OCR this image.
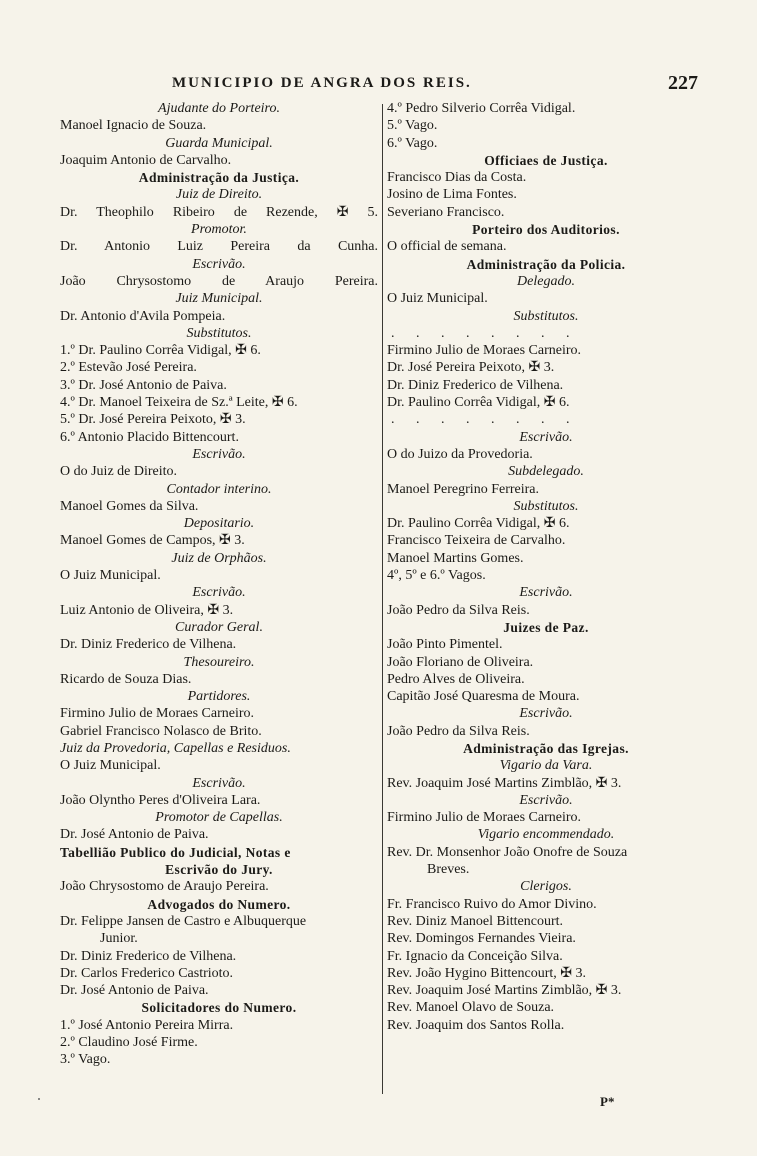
MUNICIPIO DE ANGRA DOS REIS.	227
Ajudante do Porteiro.
Manoel Ignacio de Souza.
Guarda Municipal.
Joaquim Antonio de Carvalho.
Administração da Justiça.
Juiz de Direito.
Dr. Theophilo Ribeiro de Rezende, ✠ 5.
Promotor.
Dr. Antonio Luiz Pereira da Cunha.
Escrivão.
João Chrysostomo de Araujo Pereira.
Juiz Municipal.
Dr. Antonio d'Avila Pompeia.
Substitutos.
1.º Dr. Paulino Corrêa Vidigal, ✠ 6.
2.º Estevão José Pereira.
3.º Dr. José Antonio de Paiva.
4.º Dr. Manoel Teixeira de Sz.ª Leite, ✠ 6.
5.º Dr. José Pereira Peixoto, ✠ 3.
6.º Antonio Placido Bittencourt.
Escrivão.
O do Juiz de Direito.
Contador interino.
Manoel Gomes da Silva.
Depositario.
Manoel Gomes de Campos, ✠ 3.
Juiz de Orphãos.
O Juiz Municipal.
Escrivão.
Luiz Antonio de Oliveira, ✠ 3.
Curador Geral.
Dr. Diniz Frederico de Vilhena.
Thesoureiro.
Ricardo de Souza Dias.
Partidores.
Firmino Julio de Moraes Carneiro.
Gabriel Francisco Nolasco de Brito.
Juiz da Provedoria, Capellas e Residuos.
O Juiz Municipal.
Escrivão.
João Olyntho Peres d'Oliveira Lara.
Promotor de Capellas.
Dr. José Antonio de Paiva.
Tabellião Publico do Judicial, Notas e
Escrivão do Jury.
João Chrysostomo de Araujo Pereira.
Advogados do Numero.
Dr. Felippe Jansen de Castro e Albuquerque
Junior.
Dr. Diniz Frederico de Vilhena.
Dr. Carlos Frederico Castrioto.
Dr. José Antonio de Paiva.
Solicitadores do Numero.
1.º José Antonio Pereira Mirra.
2.º Claudino José Firme.
3.º Vago.
4.º Pedro Silverio Corrêa Vidigal.
5.º Vago.
6.º Vago.
Officiaes de Justiça.
Francisco Dias da Costa.
Josino de Lima Fontes.
Severiano Francisco.
Porteiro dos Auditorios.
O official de semana.
Administração da Policia.
Delegado.
O Juiz Municipal.
Substitutos.
. . . . . . . .
Firmino Julio de Moraes Carneiro.
Dr. José Pereira Peixoto, ✠ 3.
Dr. Diniz Frederico de Vilhena.
Dr. Paulino Corrêa Vidigal, ✠ 6.
. . . . . . . .
Escrivão.
O do Juizo da Provedoria.
Subdelegado.
Manoel Peregrino Ferreira.
Substitutos.
Dr. Paulino Corrêa Vidigal, ✠ 6.
Francisco Teixeira de Carvalho.
Manoel Martins Gomes.
4º, 5º e 6.º Vagos.
Escrivão.
João Pedro da Silva Reis.
Juizes de Paz.
João Pinto Pimentel.
João Floriano de Oliveira.
Pedro Alves de Oliveira.
Capitão José Quaresma de Moura.
Escrivão.
João Pedro da Silva Reis.
Administração das Igrejas.
Vigario da Vara.
Rev. Joaquim José Martins Zimblão, ✠ 3.
Escrivão.
Firmino Julio de Moraes Carneiro.
Vigario encommendado.
Rev. Dr. Monsenhor João Onofre de Souza
Breves.
Clerigos.
Fr. Francisco Ruivo do Amor Divino.
Rev. Diniz Manoel Bittencourt.
Rev. Domingos Fernandes Vieira.
Fr. Ignacio da Conceição Silva.
Rev. João Hygino Bittencourt, ✠ 3.
Rev. Joaquim José Martins Zimblão, ✠ 3.
Rev. Manoel Olavo de Souza.
Rev. Joaquim dos Santos Rolla.
P*
